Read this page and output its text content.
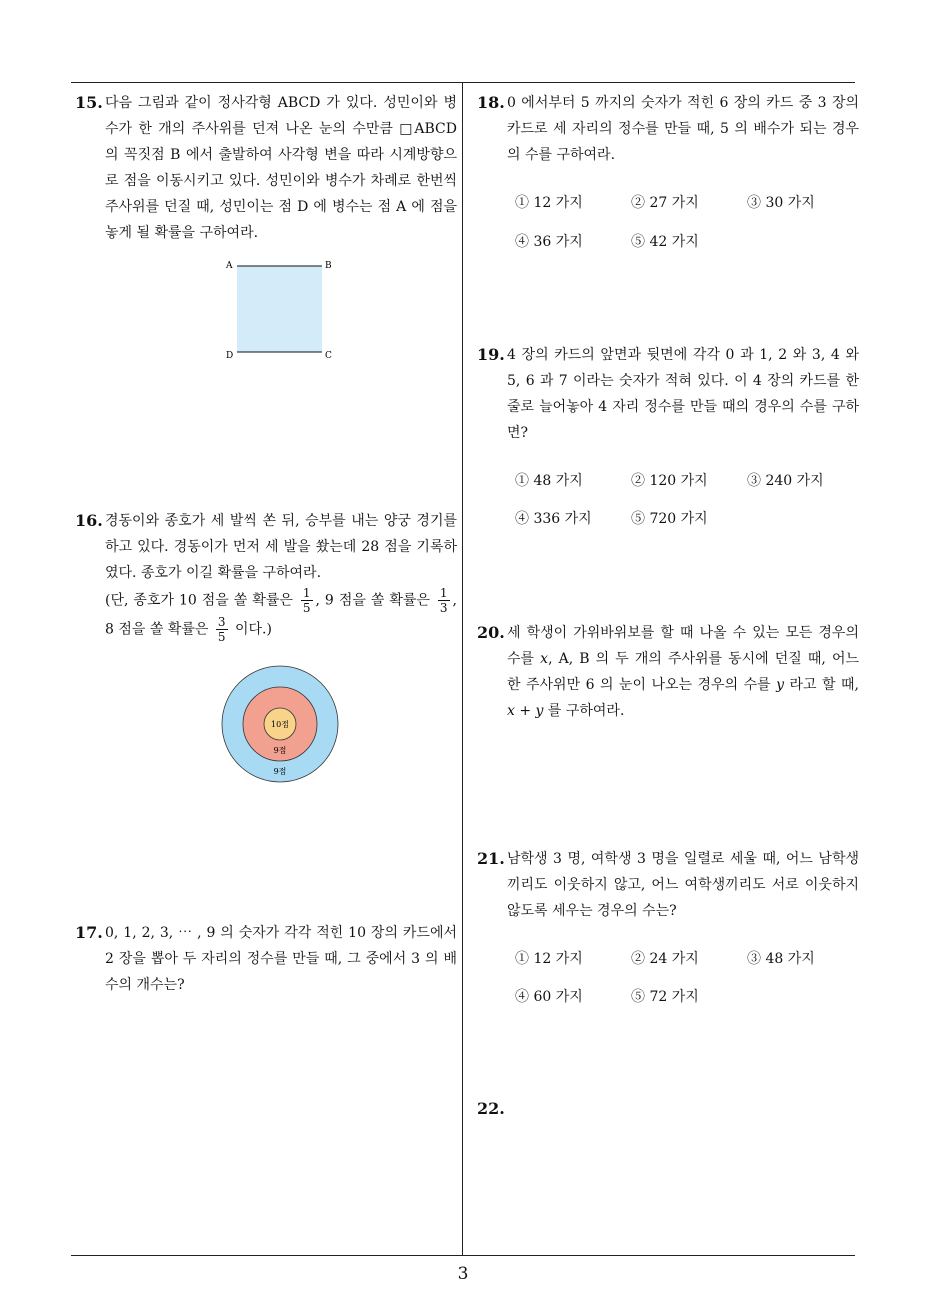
15. 다음 그림과 같이 정사각형 ABCD 가 있다. 성민이와 병수가 한 개의 주사위를 던져 나온 눈의 수만큼 □ABCD 의 꼭짓점 B 에서 출발하여 사각형 변을 따라 시계방향으로 점을 이동시키고 있다. 성민이와 병수가 차례로 한번씩 주사위를 던질 때, 성민이는 점 D 에 병수는 점 A 에 점을 놓게 될 확률을 구하여라.

A	B
D	C
16. 경동이와 종호가 세 발씩 쏜 뒤, 승부를 내는 양궁 경기를 하고 있다. 경동이가 먼저 세 발을 쐈는데 28 점을 기록하였다. 종호가 이길 확률을 구하여라.

(단, 종호가 10 점을 쏠 확률은 $\frac{1}{5}$ , 9 점을 쏠 확률은 $\frac{1}{3}$ , 8 점을 쏠 확률은 $\frac{3}{5}$ 이다.)

10점
9점
9점
17. 0, 1, 2, 3, ⋯ , 9 의 숫자가 각각 적힌 10 장의 카드에서 2 장을 뽑아 두 자리의 정수를 만들 때, 그 중에서 3 의 배수의 개수는?

18. 0 에서부터 5 까지의 숫자가 적힌 6 장의 카드 중 3 장의 카드로 세 자리의 정수를 만들 때, 5 의 배수가 되는 경우의 수를 구하여라.

① 12 가지	② 27 가지	③ 30 가지
④ 36 가지	⑤ 42 가지
19. 4 장의 카드의 앞면과 뒷면에 각각 0 과 1, 2 와 3, 4 와 5, 6 과 7 이라는 숫자가 적혀 있다. 이 4 장의 카드를 한 줄로 늘어놓아 4 자리 정수를 만들 때의 경우의 수를 구하면?

① 48 가지	② 120 가지	③ 240 가지
④ 336 가지	⑤ 720 가지
20. 세 학생이 가위바위보를 할 때 나올 수 있는 모든 경우의 수를 x, A, B 의 두 개의 주사위를 동시에 던질 때, 어느 한 주사위만 6 의 눈이 나오는 경우의 수를 y 라고 할 때, x + y 를 구하여라.

21. 남학생 3 명, 여학생 3 명을 일렬로 세울 때, 어느 남학생끼리도 이웃하지 않고, 어느 여학생끼리도 서로 이웃하지 않도록 세우는 경우의 수는?

① 12 가지	② 24 가지	③ 48 가지
④ 60 가지	⑤ 72 가지
22.
3
